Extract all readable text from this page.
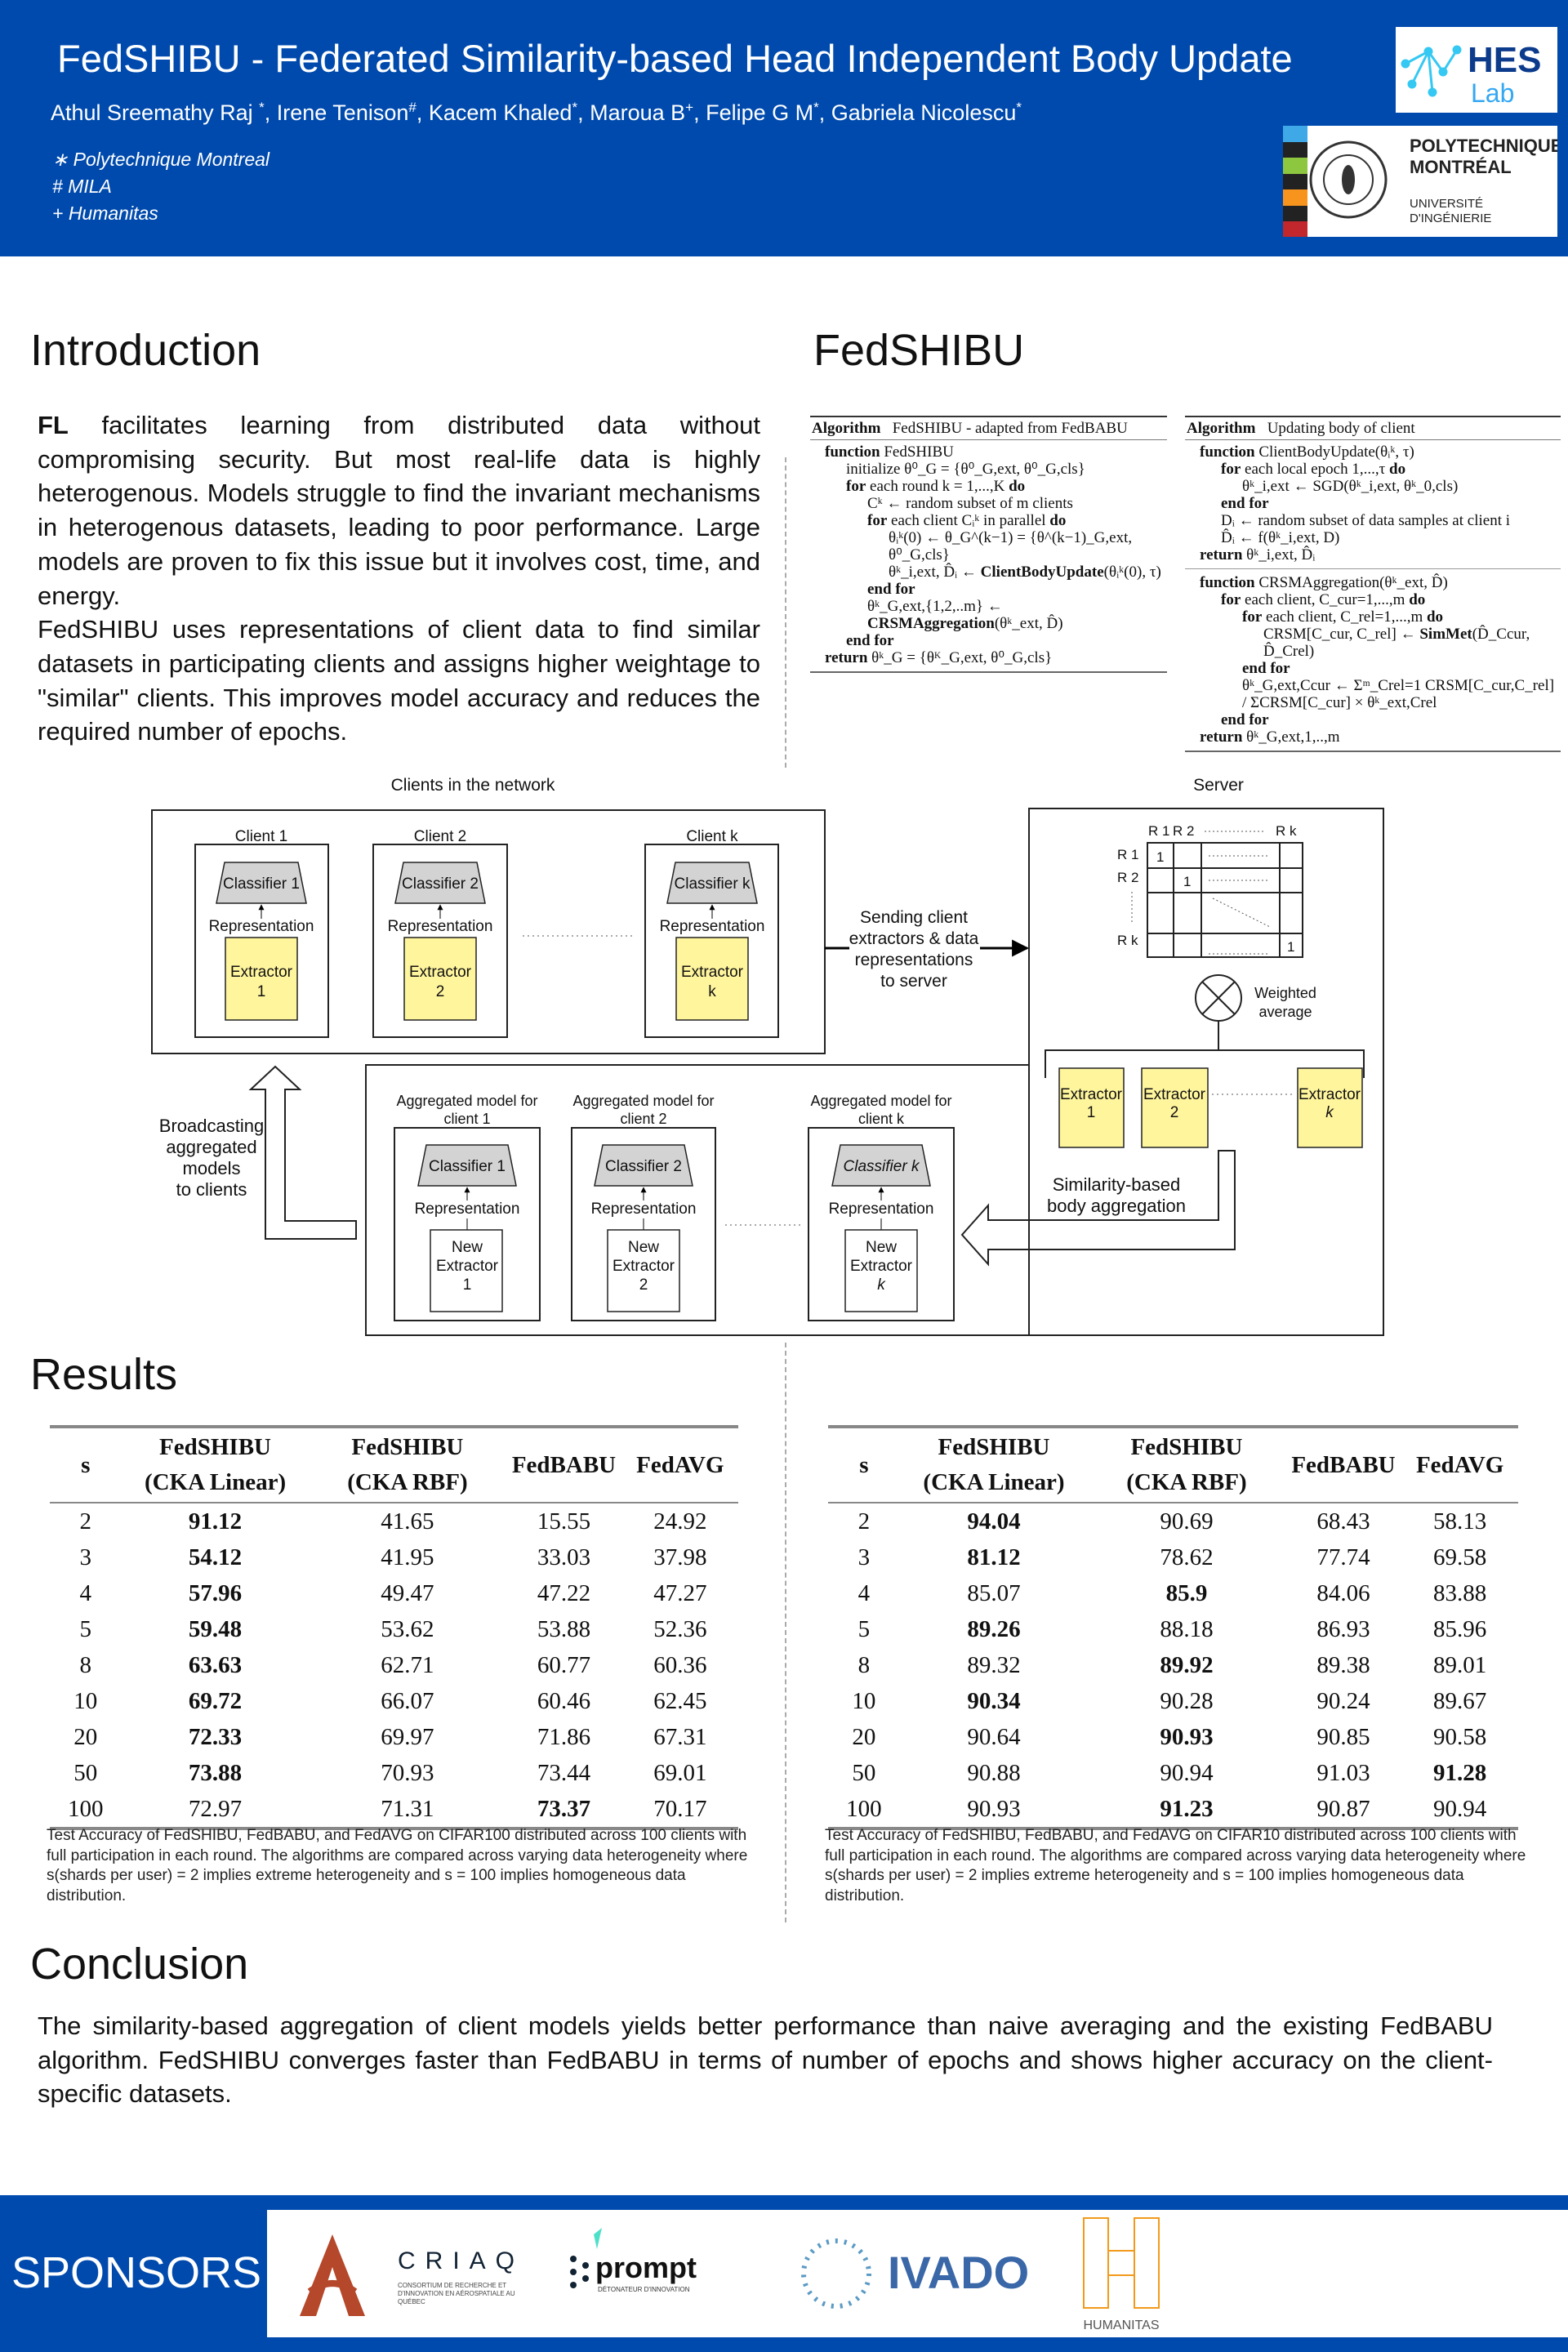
FedSHIBU - Federated Similarity-based Head Independent Body Update
Athul Sreemathy Raj *, Irene Tenison#, Kacem Khaled*, Maroua B+, Felipe G M*, Gabriela Nicolescu*
∗ Polytechnique Montreal
# MILA
+ Humanitas
HES
Lab
POLYTECHNIQUE
MONTRÉAL
UNIVERSITÉ
D'INGÉNIERIE
Introduction

FL facilitates learning from distributed data without compromising security. But most real-life data is highly heterogenous. Models struggle to find the invariant mechanisms in heterogenous datasets, leading to poor performance. Large models are proven to fix this issue but it involves cost, time, and energy.

FedSHIBU uses representations of client data to find similar datasets in participating clients and assigns higher weightage to "similar" clients. This improves model accuracy and reduces the required number of epochs.

FedSHIBU
Algorithm FedSHIBU - adapted from FedBABU
function FedSHIBU
initialize θ⁰_G = {θ⁰_G,ext, θ⁰_G,cls}
for each round k = 1,...,K do
Cᵏ ← random subset of m clients
for each client Cᵢᵏ in parallel do
θᵢᵏ(0) ← θ_G^(k−1) = {θ^(k−1)_G,ext, θ⁰_G,cls}
θᵏ_i,ext, D̂ᵢ ← ClientBodyUpdate(θᵢᵏ(0), τ)
end for
θᵏ_G,ext,{1,2,..m} ← CRSMAggregation(θᵏ_ext, D̂)
end for
return θᵏ_G = {θᴷ_G,ext, θ⁰_G,cls}
Algorithm Updating body of client
function ClientBodyUpdate(θᵢᵏ, τ)
for each local epoch 1,...,τ do
θᵏ_i,ext ← SGD(θᵏ_i,ext, θᵏ_0,cls)
end for
Dᵢ ← random subset of data samples at client i
D̂ᵢ ← f(θᵏ_i,ext, D)
return θᵏ_i,ext, D̂ᵢ
function CRSMAggregation(θᵏ_ext, D̂)
for each client, C_cur=1,...,m do
for each client, C_rel=1,...,m do
CRSM[C_cur, C_rel] ← SimMet(D̂_Ccur, D̂_Crel)
end for
θᵏ_G,ext,Ccur ← Σᵐ_Crel=1 CRSM[C_cur,C_rel] / ΣCRSM[C_cur] × θᵏ_ext,Crel
end for
return θᵏ_G,ext,1,..,m
Clients in the network
Client 1
Classifier 1
Representation
Extractor
1
Client 2
Classifier 2
Representation
Extractor
2
Client k
Classifier k
Representation
Extractor
k
Sending client
extractors & data
representations
to server
Server
R 1 R 2	R k
R 1
R 2
R k
1
1
1
Weighted
average
Extractor
1
Extractor
2
Extractor
k
Similarity-based
body aggregation
Aggregated model for
client 1
Classifier 1
Representation
New
Extractor
1
Aggregated model for
client 2
Classifier 2
Representation
New
Extractor
2
Aggregated model for
client k
Classifier k
Representation
New
Extractor
k
Broadcasting
aggregated
models
to clients
Results
s	FedSHIBU
(CKA Linear)	FedSHIBU
(CKA RBF)	FedBABU	FedAVG
2	91.12	41.65	15.55	24.92
3	54.12	41.95	33.03	37.98
4	57.96	49.47	47.22	47.27
5	59.48	53.62	53.88	52.36
8	63.63	62.71	60.77	60.36
10	69.72	66.07	60.46	62.45
20	72.33	69.97	71.86	67.31
50	73.88	70.93	73.44	69.01
100	72.97	71.31	73.37	70.17
Test Accuracy of FedSHIBU, FedBABU, and FedAVG on CIFAR100 distributed across 100 clients with full participation in each round. The algorithms are compared across varying data heterogeneity where s(shards per user) = 2 implies extreme heterogeneity and s = 100 implies homogeneous data distribution.
s	FedSHIBU
(CKA Linear)	FedSHIBU
(CKA RBF)	FedBABU	FedAVG
2	94.04	90.69	68.43	58.13
3	81.12	78.62	77.74	69.58
4	85.07	85.9	84.06	83.88
5	89.26	88.18	86.93	85.96
8	89.32	89.92	89.38	89.01
10	90.34	90.28	90.24	89.67
20	90.64	90.93	90.85	90.58
50	90.88	90.94	91.03	91.28
100	90.93	91.23	90.87	90.94
Test Accuracy of FedSHIBU, FedBABU, and FedAVG on CIFAR10 distributed across 100 clients with full participation in each round. The algorithms are compared across varying data heterogeneity where s(shards per user) = 2 implies extreme heterogeneity and s = 100 implies homogeneous data distribution.
Conclusion
The similarity-based aggregation of client models yields better performance than naive averaging and the existing FedBABU algorithm. FedSHIBU converges faster than FedBABU in terms of number of epochs and shows higher accuracy on the client-specific datasets.
SPONSORS	CRIAQ prompt
DÉTONATEUR D'INNOVATION	IVADO
HUMANITAS
CONSORTIUM DE RECHERCHE ET D'INNOVATION EN AÉROSPATIALE AU QUÉBEC
